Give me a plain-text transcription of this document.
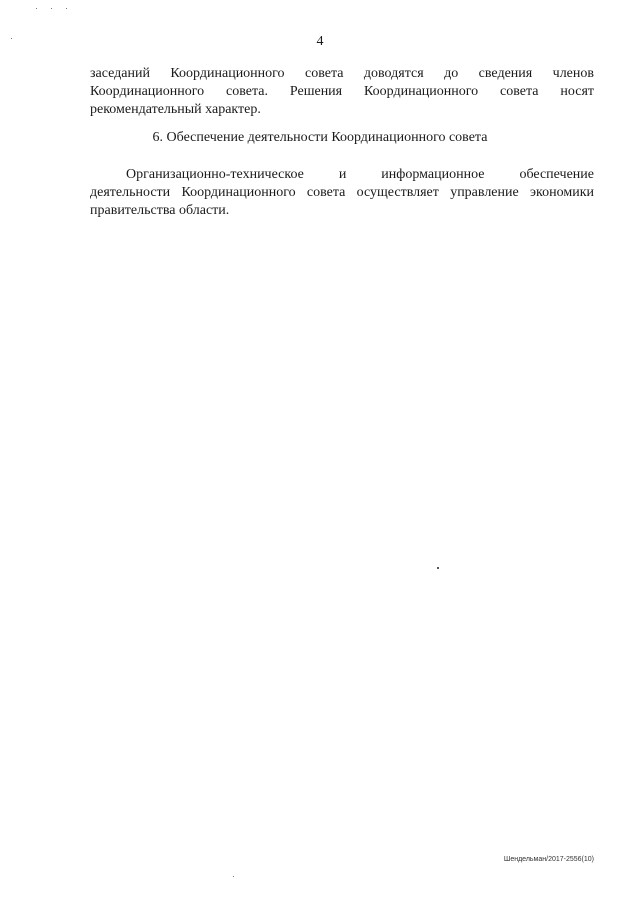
4
заседаний Координационного совета доводятся до сведения членов
Координационного совета. Решения Координационного совета носят
рекомендательный характер.
6. Обеспечение деятельности Координационного совета
Организационно-техническое и информационное обеспечение
деятельности Координационного совета осуществляет управление экономики
правительства области.
Шендельман/2017-2556(10)
